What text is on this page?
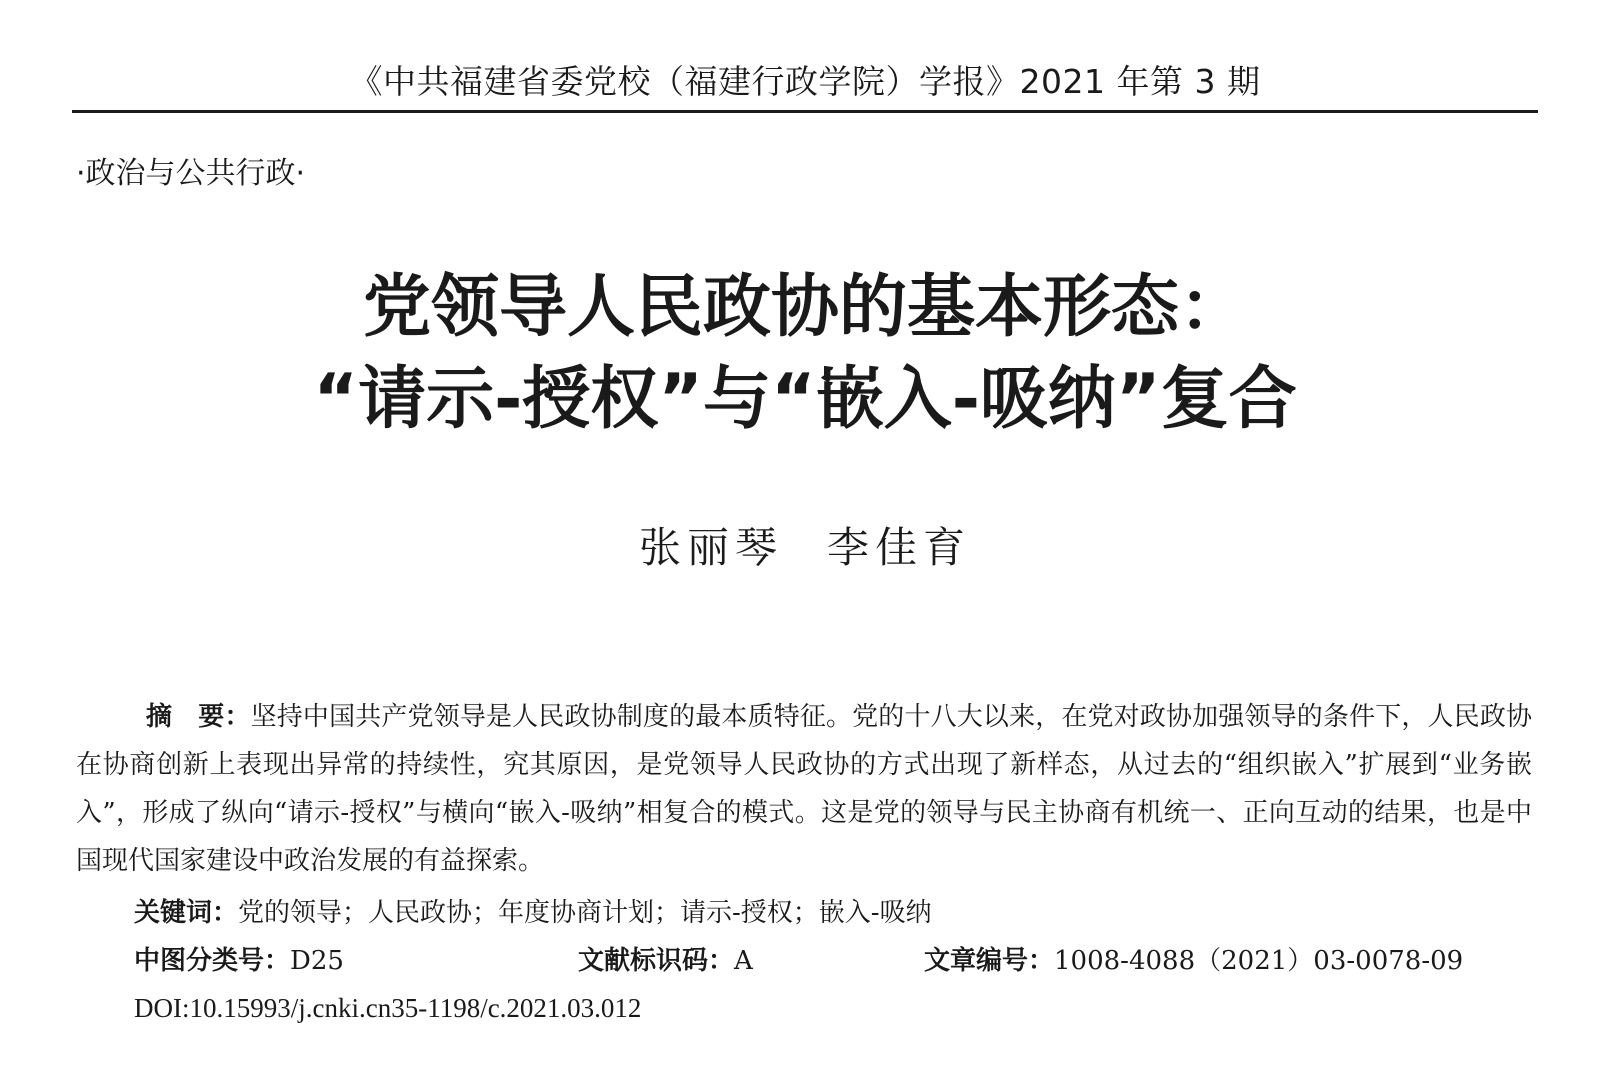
《中共福建省委党校（福建行政学院）学报》2021 年第 3 期
·政治与公共行政·
党领导人民政协的基本形态：
“请示-授权”与“嵌入-吸纳”复合
张丽琴 李佳育
摘　要：坚持中国共产党领导是人民政协制度的最本质特征。党的十八大以来，在党对政协加强领导的条件下，人民政协在协商创新上表现出异常的持续性，究其原因，是党领导人民政协的方式出现了新样态，从过去的“组织嵌入”扩展到“业务嵌入”，形成了纵向“请示-授权”与横向“嵌入-吸纳”相复合的模式。这是党的领导与民主协商有机统一、正向互动的结果，也是中国现代国家建设中政治发展的有益探索。
关键词：党的领导；人民政协；年度协商计划；请示-授权；嵌入-吸纳
中图分类号：D25	文献标识码：A	文章编号：1008-4088（2021）03-0078-09
DOI:10.15993/j.cnki.cn35-1198/c.2021.03.012
